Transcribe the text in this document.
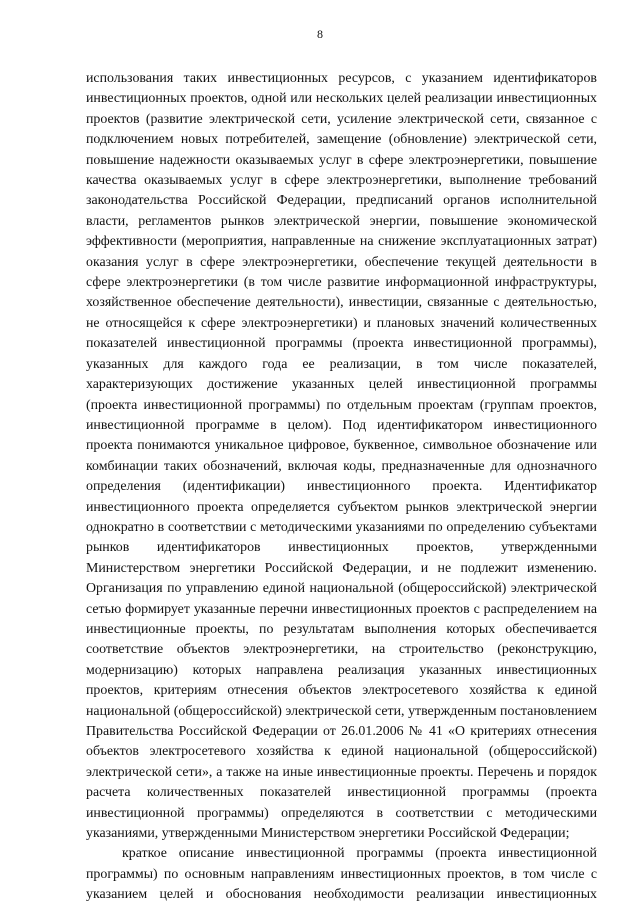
8

использования таких инвестиционных ресурсов, с указанием идентификаторов инвестиционных проектов, одной или нескольких целей реализации инвестиционных проектов (развитие электрической сети, усиление электрической сети, связанное с подключением новых потребителей, замещение (обновление) электрической сети, повышение надежности оказываемых услуг в сфере электроэнергетики, повышение качества оказываемых услуг в сфере электроэнергетики, выполнение требований законодательства Российской Федерации, предписаний органов исполнительной власти, регламентов рынков электрической энергии, повышение экономической эффективности (мероприятия, направленные на снижение эксплуатационных затрат) оказания услуг в сфере электроэнергетики, обеспечение текущей деятельности в сфере электроэнергетики (в том числе развитие информационной инфраструктуры, хозяйственное обеспечение деятельности), инвестиции, связанные с деятельностью, не относящейся к сфере электроэнергетики) и плановых значений количественных показателей инвестиционной программы (проекта инвестиционной программы), указанных для каждого года ее реализации, в том числе показателей, характеризующих достижение указанных целей инвестиционной программы (проекта инвестиционной программы) по отдельным проектам (группам проектов, инвестиционной программе в целом). Под идентификатором инвестиционного проекта понимаются уникальное цифровое, буквенное, символьное обозначение или комбинации таких обозначений, включая коды, предназначенные для однозначного определения (идентификации) инвестиционного проекта. Идентификатор инвестиционного проекта определяется субъектом рынков электрической энергии однократно в соответствии с методическими указаниями по определению субъектами рынков идентификаторов инвестиционных проектов, утвержденными Министерством энергетики Российской Федерации, и не подлежит изменению. Организация по управлению единой национальной (общероссийской) электрической сетью формирует указанные перечни инвестиционных проектов с распределением на инвестиционные проекты, по результатам выполнения которых обеспечивается соответствие объектов электроэнергетики, на строительство (реконструкцию, модернизацию) которых направлена реализация указанных инвестиционных проектов, критериям отнесения объектов электросетевого хозяйства к единой национальной (общероссийской) электрической сети, утвержденным постановлением Правительства Российской Федерации от 26.01.2006 № 41 «О критериях отнесения объектов электросетевого хозяйства к единой национальной (общероссийской) электрической сети», а также на иные инвестиционные проекты. Перечень и порядок расчета количественных показателей инвестиционной программы (проекта инвестиционной программы) определяются в соответствии с методическими указаниями, утвержденными Министерством энергетики Российской Федерации;

краткое описание инвестиционной программы (проекта инвестиционной программы) по основным направлениям инвестиционных проектов, в том числе с указанием целей и обоснования необходимости реализации инвестиционных
